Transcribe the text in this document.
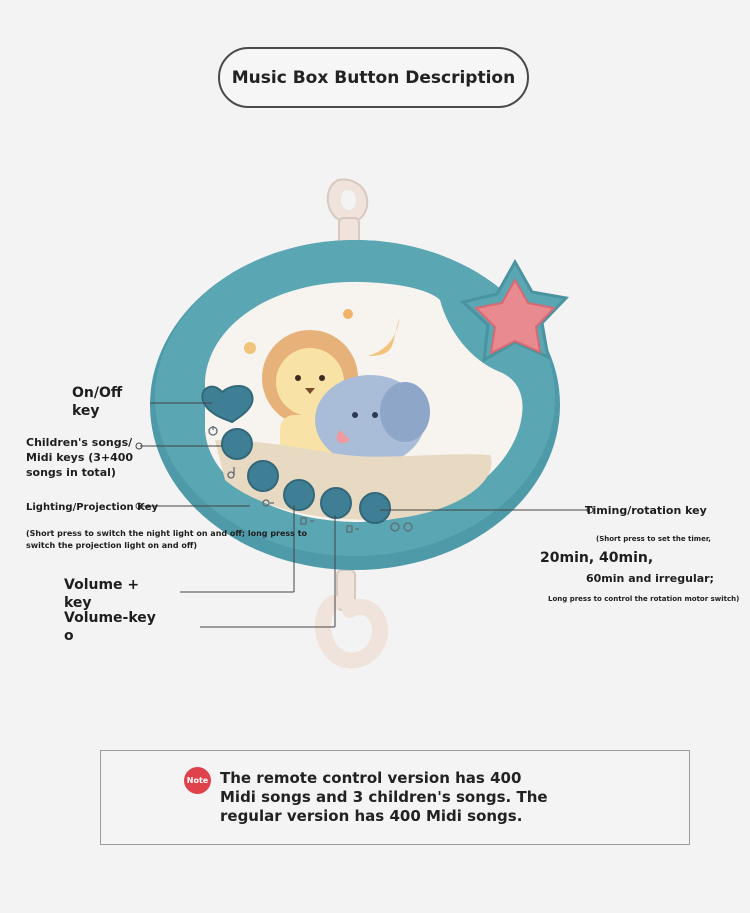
Music Box Button Description
On/Off
key
Children's songs/
Midi keys (3+400
songs in total)
Lighting/Projection Key
(Short press to switch the night light on and off; long press to
switch the projection light on and off)
Volume +
key
Volume-key
o
Timing/rotation key
(Short press to set the timer,
20min, 40min,
60min and irregular;
Long press to control the rotation motor switch)
Note The remote control version has 400
Midi songs and 3 children's songs. The
regular version has 400 Midi songs.
